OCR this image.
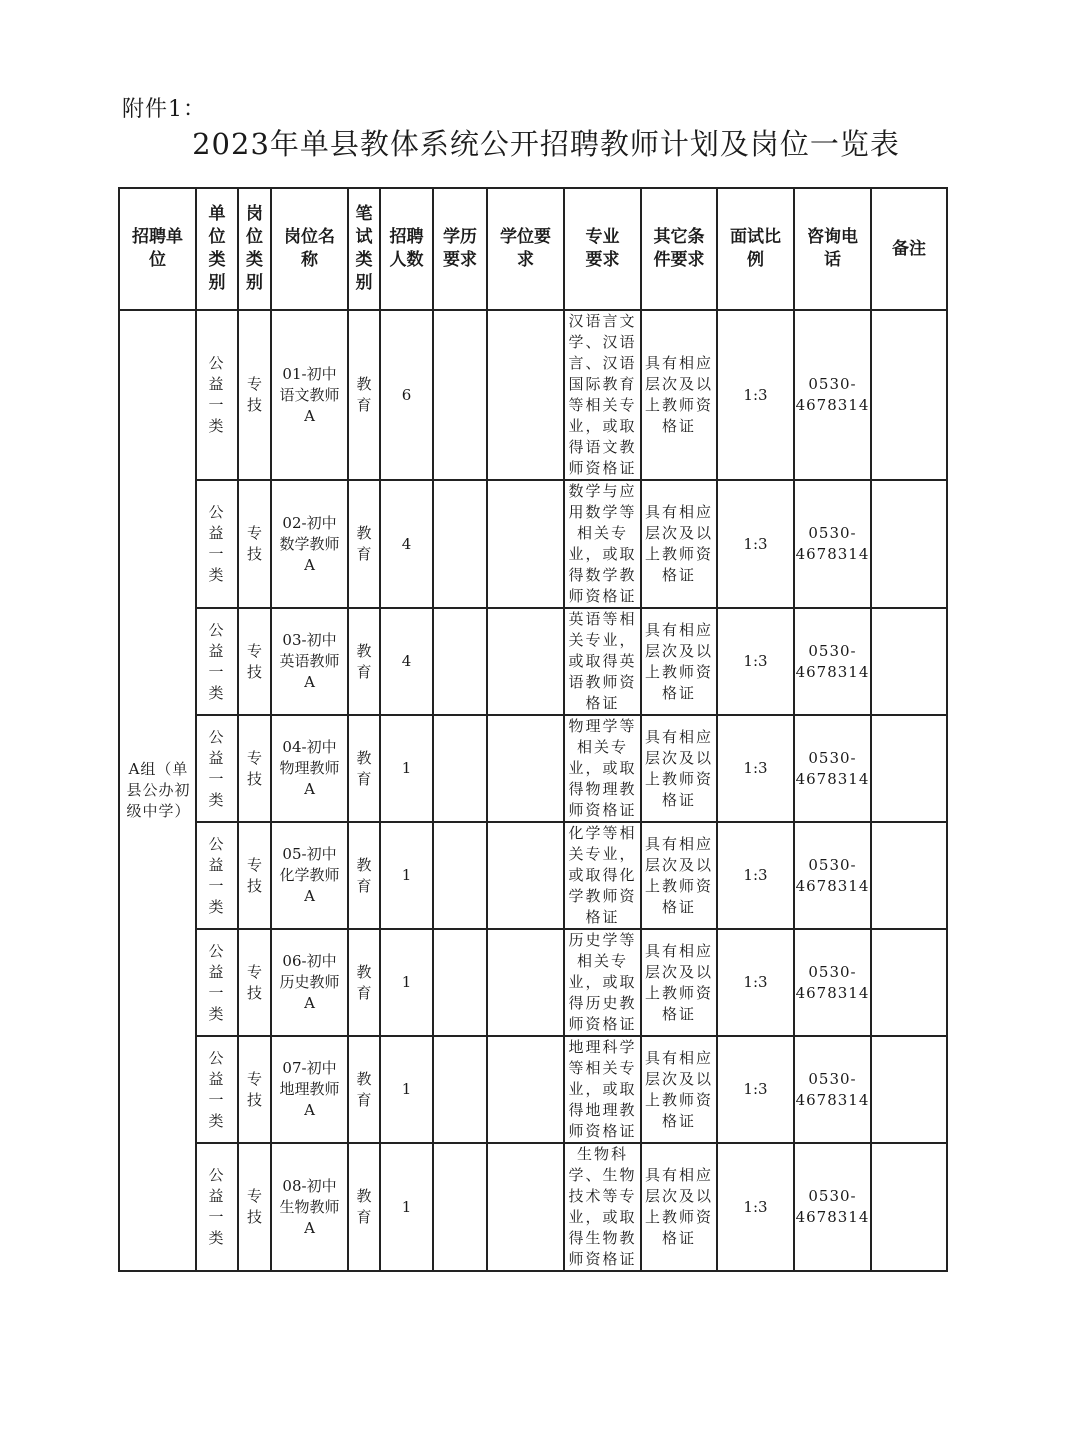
附件1：
2023年单县教体系统公开招聘教师计划及岗位一览表
招聘单位	单位类别	岗位类别	岗位名称	笔试类别	招聘人数	学历要求	学位要求	专业要求	其它条件要求	面试比例	咨询电话	备注
A组（单县公办初级中学）	公益一类	专技	01-初中语文教师A	教育	6			汉语言文学、汉语言、汉语国际教育等相关专业，或取得语文教师资格证	具有相应层次及以上教师资格证	1:3	0530-4678314	
	公益一类	专技	02-初中数学教师A	教育	4			数学与应用数学等相关专业，或取得数学教师资格证	具有相应层次及以上教师资格证	1:3	0530-4678314	
	公益一类	专技	03-初中英语教师A	教育	4			英语等相关专业，或取得英语教师资格证	具有相应层次及以上教师资格证	1:3	0530-4678314	
	公益一类	专技	04-初中物理教师A	教育	1			物理学等相关专业，或取得物理教师资格证	具有相应层次及以上教师资格证	1:3	0530-4678314	
	公益一类	专技	05-初中化学教师A	教育	1			化学等相关专业，或取得化学教师资格证	具有相应层次及以上教师资格证	1:3	0530-4678314	
	公益一类	专技	06-初中历史教师A	教育	1			历史学等相关专业，或取得历史教师资格证	具有相应层次及以上教师资格证	1:3	0530-4678314	
	公益一类	专技	07-初中地理教师A	教育	1			地理科学等相关专业，或取得地理教师资格证	具有相应层次及以上教师资格证	1:3	0530-4678314	
	公益一类	专技	08-初中生物教师A	教育	1			生物科学、生物技术等专业，或取得生物教师资格证	具有相应层次及以上教师资格证	1:3	0530-4678314	
